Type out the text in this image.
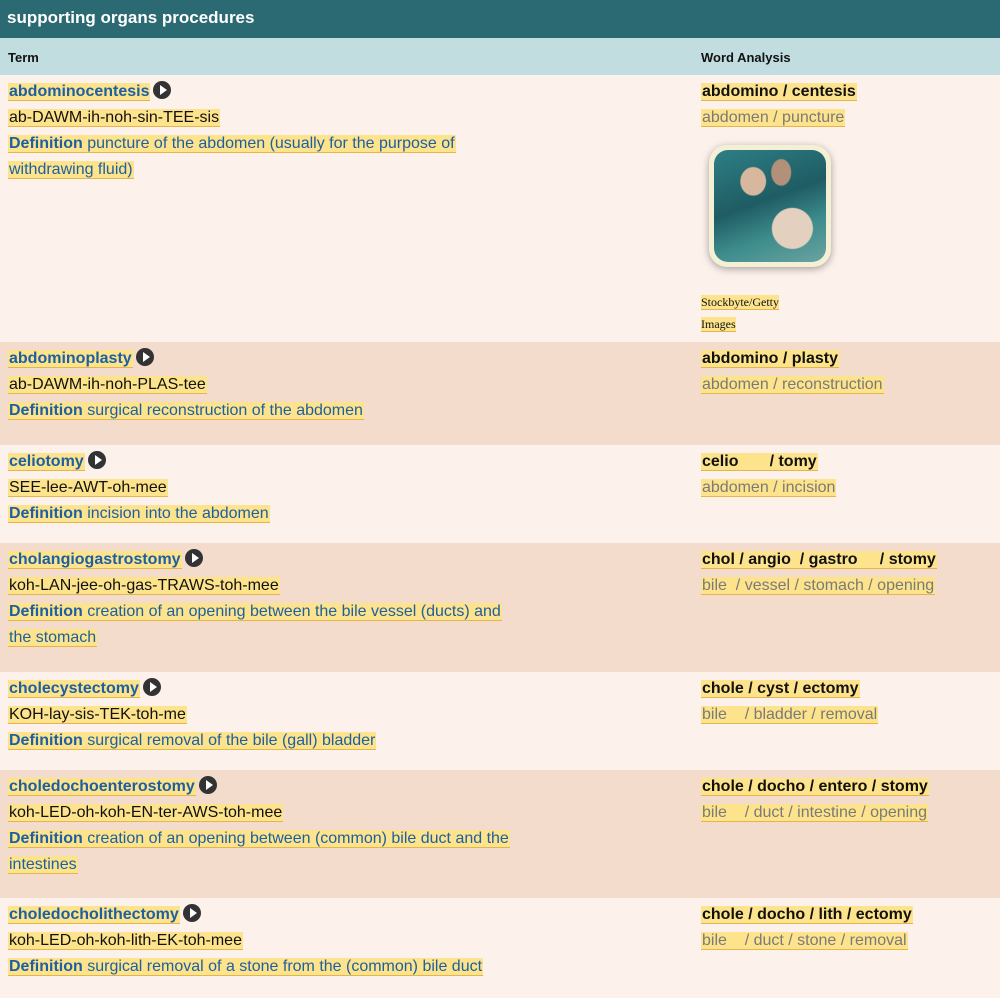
supporting organs procedures
Term	Word Analysis
abdominocentesis
ab-DAWM-ih-noh-sin-TEE-sis
Definition puncture of the abdomen (usually for the purpose of
withdrawing fluid)
abdomino / centesis
abdomen / puncture
Stockbyte/Getty
Images
abdominoplasty
ab-DAWM-ih-noh-PLAS-tee
Definition surgical reconstruction of the abdomen
abdomino / plasty
abdomen / reconstruction
celiotomy
SEE-lee-AWT-oh-mee
Definition incision into the abdomen
celio       / tomy
abdomen / incision
cholangiogastrostomy
koh-LAN-jee-oh-gas-TRAWS-toh-mee
Definition creation of an opening between the bile vessel (ducts) and
the stomach
chol / angio  / gastro     / stomy
bile  / vessel / stomach / opening
cholecystectomy
KOH-lay-sis-TEK-toh-me
Definition surgical removal of the bile (gall) bladder
chole / cyst / ectomy
bile    / bladder / removal
choledochoenterostomy
koh-LED-oh-koh-EN-ter-AWS-toh-mee
Definition creation of an opening between (common) bile duct and the
intestines
chole / docho / entero / stomy
bile    / duct / intestine / opening
choledocholithectomy
koh-LED-oh-koh-lith-EK-toh-mee
Definition surgical removal of a stone from the (common) bile duct
chole / docho / lith / ectomy
bile    / duct / stone / removal
